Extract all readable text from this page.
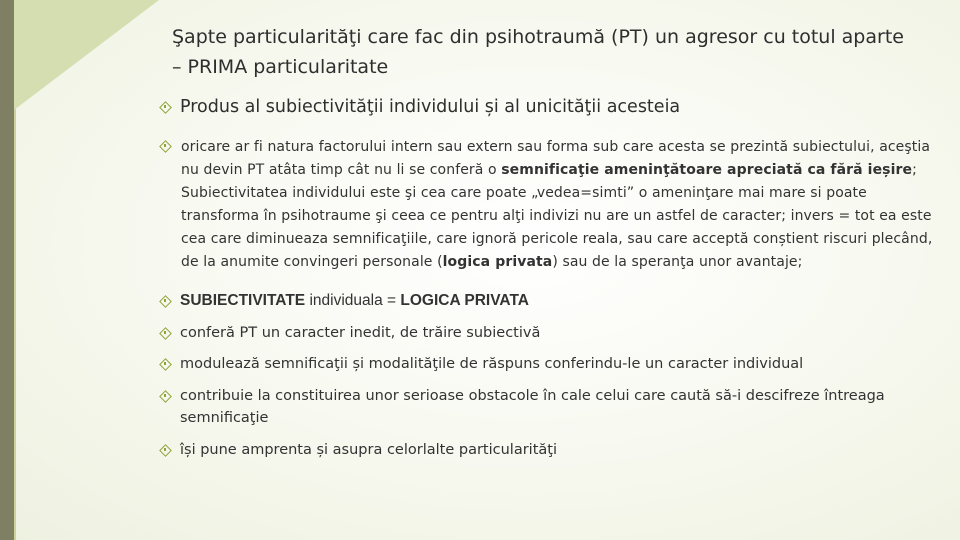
Şapte particularităţi care fac din psihotraumă (PT) un agresor cu totul aparte – PRIMA particularitate
Produs al subiectivităţii individului și al unicităţii acesteia
oricare ar fi natura factorului intern sau extern sau forma sub care acesta se prezintă subiectului, aceştia nu devin PT atâta timp cât nu li se conferă o semnificaţie ameninţătoare apreciată ca fără ieșire; Subiectivitatea individului este şi cea care poate „vedea=simti” o ameninţare mai mare si poate transforma în psihotraume şi ceea ce pentru alţi indivizi nu are un astfel de caracter; invers = tot ea este cea care diminueaza semnificaţiile, care ignoră pericole reala, sau care acceptă conștient riscuri plecând, de la anumite convingeri personale (logica privata) sau de la speranţa unor avantaje;
SUBIECTIVITATE individuala = LOGICA PRIVATA
conferă PT un caracter inedit, de trăire subiectivă
modulează semnificaţii și modalităţile de răspuns conferindu-le un caracter individual
contribuie la constituirea unor serioase obstacole în cale celui care caută să-i descifreze întreaga semnificaţie
își pune amprenta și asupra celorlalte particularităţi
